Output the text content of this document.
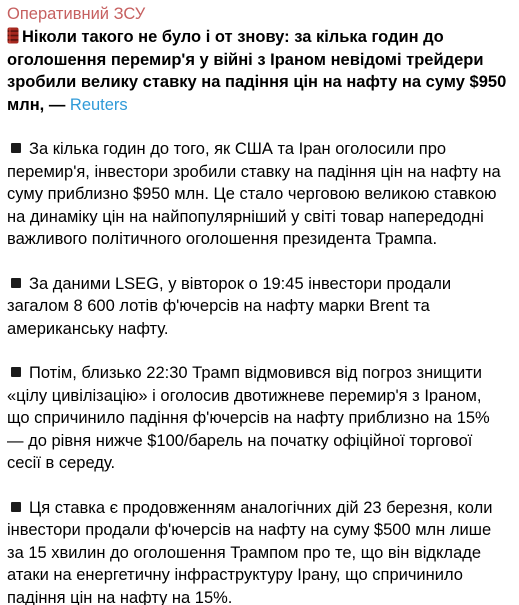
Оперативний ЗСУ

Ніколи такого не було і от знову: за кілька годин до оголошення перемир'я у війні з Іраном невідомі трейдери зробили велику ставку на падіння цін на нафту на суму $950 млн, — Reuters

За кілька годин до того, як США та Іран оголосили про перемир'я, інвестори зробили ставку на падіння цін на нафту на суму приблизно $950 млн. Це стало черговою великою ставкою на динаміку цін на найпопулярніший у світі товар напередодні важливого політичного оголошення президента Трампа.

За даними LSEG, у вівторок о 19:45 інвестори продали загалом 8 600 лотів ф'ючерсів на нафту марки Brent та американську нафту.

Потім, близько 22:30 Трамп відмовився від погроз знищити «цілу цивілізацію» і оголосив двотижневе перемир'я з Іраном, що спричинило падіння ф'ючерсів на нафту приблизно на 15% — до рівня нижче $100/барель на початку офіційної торгової сесії в середу.

Ця ставка є продовженням аналогічних дій 23 березня, коли інвестори продали ф'ючерсів на нафту на суму $500 млн лише за 15 хвилин до оголошення Трампом про те, що він відкладе атаки на енергетичну інфраструктуру Ірану, що спричинило падіння цін на нафту на 15%.
